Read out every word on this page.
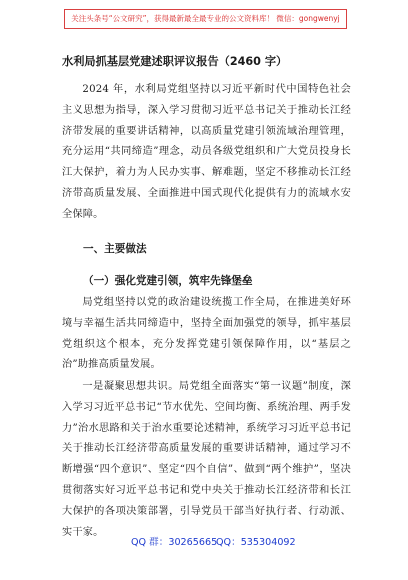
关注头条号“公文研究”，获得最新最全最专业的公文资料库！ 微信：gongwenyj
水利局抓基层党建述职评议报告（2460 字）

2024 年，水利局党组坚持以习近平新时代中国特色社会主义思想为指导，深入学习贯彻习近平总书记关于推动长江经济带发展的重要讲话精神，以高质量党建引领流域治理管理，充分运用“共同缔造”理念，动员各级党组织和广大党员投身长江大保护，着力为人民办实事、解难题，坚定不移推动长江经济带高质量发展、全面推进中国式现代化提供有力的流域水安全保障。

一、主要做法
（一）强化党建引领，筑牢先锋堡垒

局党组坚持以党的政治建设统揽工作全局，在推进美好环境与幸福生活共同缔造中，坚持全面加强党的领导，抓牢基层党组织这个根本，充分发挥党建引领保障作用，以“基层之治”助推高质量发展。

一是凝聚思想共识。局党组全面落实“第一议题”制度，深入学习习近平总书记“节水优先、空间均衡、系统治理、两手发力”治水思路和关于治水重要论述精神，系统学习习近平总书记关于推动长江经济带高质量发展的重要讲话精神，通过学习不断增强“四个意识”、坚定“四个自信”、做到“两个维护”，坚决贯彻落实好习近平总书记和党中央关于推动长江经济带和长江大保护的各项决策部署，引导党员干部当好执行者、行动派、实干家。

QQ 群：30265665
QQ：535304092
